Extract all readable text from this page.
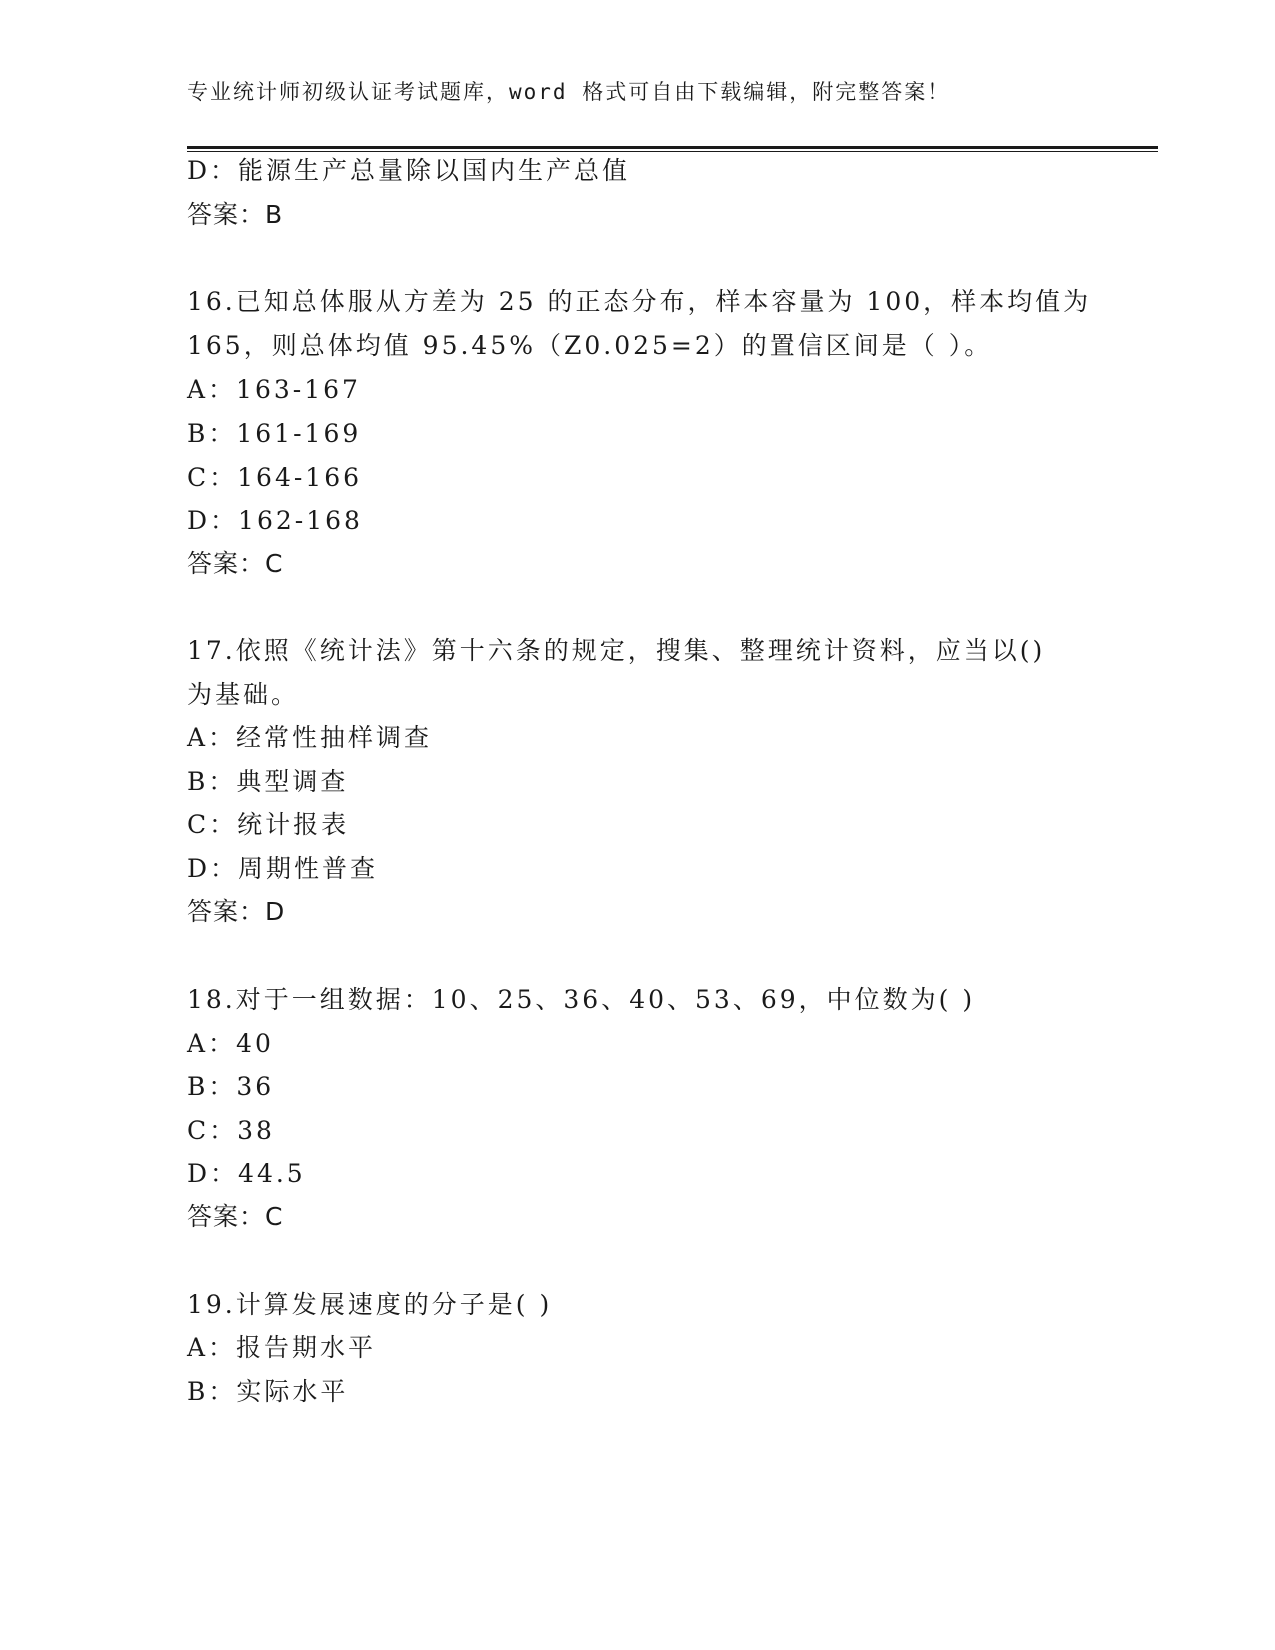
专业统计师初级认证考试题库，word 格式可自由下载编辑，附完整答案！
D：能源生产总量除以国内生产总值
答案：B
16.已知总体服从方差为 25 的正态分布，样本容量为 100，样本均值为
165，则总体均值 95.45%（Z0.025=2）的置信区间是（ ）。
A：163-167
B：161-169
C：164-166
D：162-168
答案：C
17.依照《统计法》第十六条的规定，搜集、整理统计资料，应当以()
为基础。
A：经常性抽样调查
B：典型调查
C：统计报表
D：周期性普查
答案：D
18.对于一组数据：10、25、36、40、53、69，中位数为( )
A：40
B：36
C：38
D：44.5
答案：C
19.计算发展速度的分子是( )
A：报告期水平
B：实际水平
